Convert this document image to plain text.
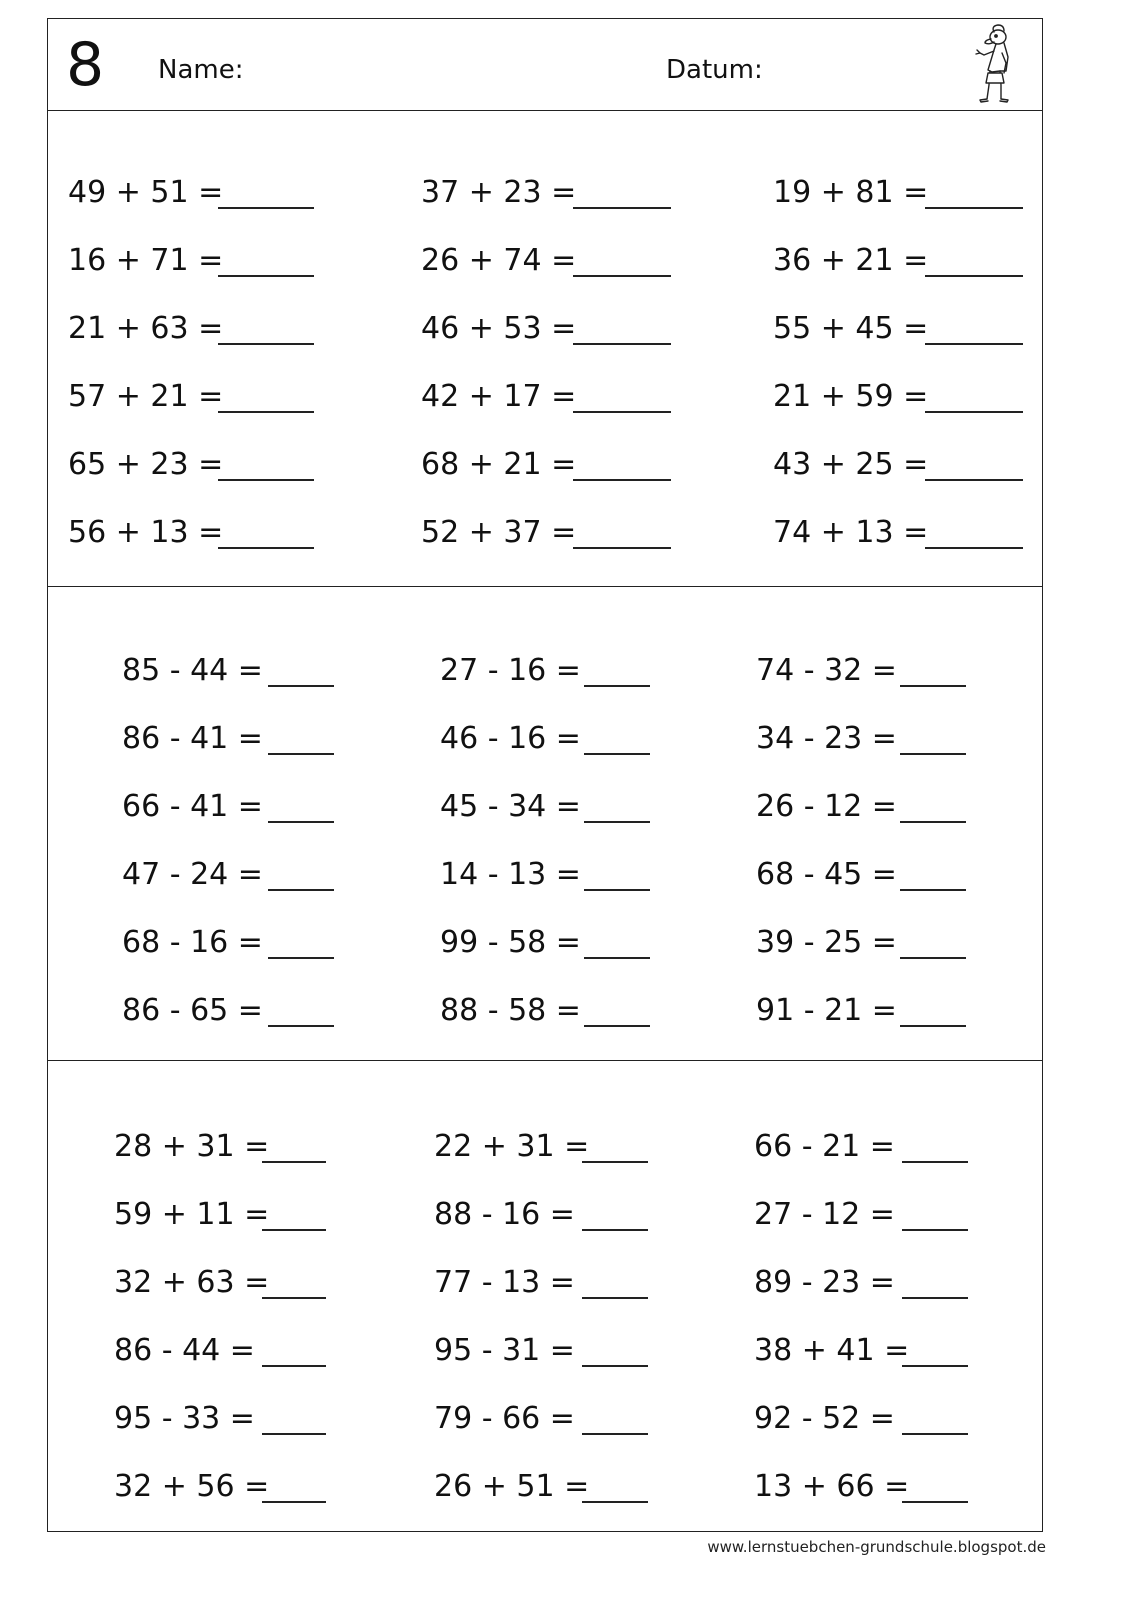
8 Name:	Datum:
49 + 51 =
16 + 71 =
21 + 63 =
57 + 21 =
65 + 23 =
56 + 13 =
37 + 23 =
26 + 74 =
46 + 53 =
42 + 17 =
68 + 21 =
52 + 37 =
19 + 81 =
36 + 21 =
55 + 45 =
21 + 59 =
43 + 25 =
74 + 13 =
85 - 44 =
86 - 41 =
66 - 41 =
47 - 24 =
68 - 16 =
86 - 65 =
27 - 16 =
46 - 16 =
45 - 34 =
14 - 13 =
99 - 58 =
88 - 58 =
74 - 32 =
34 - 23 =
26 - 12 =
68 - 45 =
39 - 25 =
91 - 21 =
28 + 31 =
59 + 11 =
32 + 63 =
86 - 44 =
95 - 33 =
32 + 56 =
22 + 31 =
88 - 16 =
77 - 13 =
95 - 31 =
79 - 66 =
26 + 51 =
66 - 21 =
27 - 12 =
89 - 23 =
38 + 41 =
92 - 52 =
13 + 66 =
www.lernstuebchen-grundschule.blogspot.de
